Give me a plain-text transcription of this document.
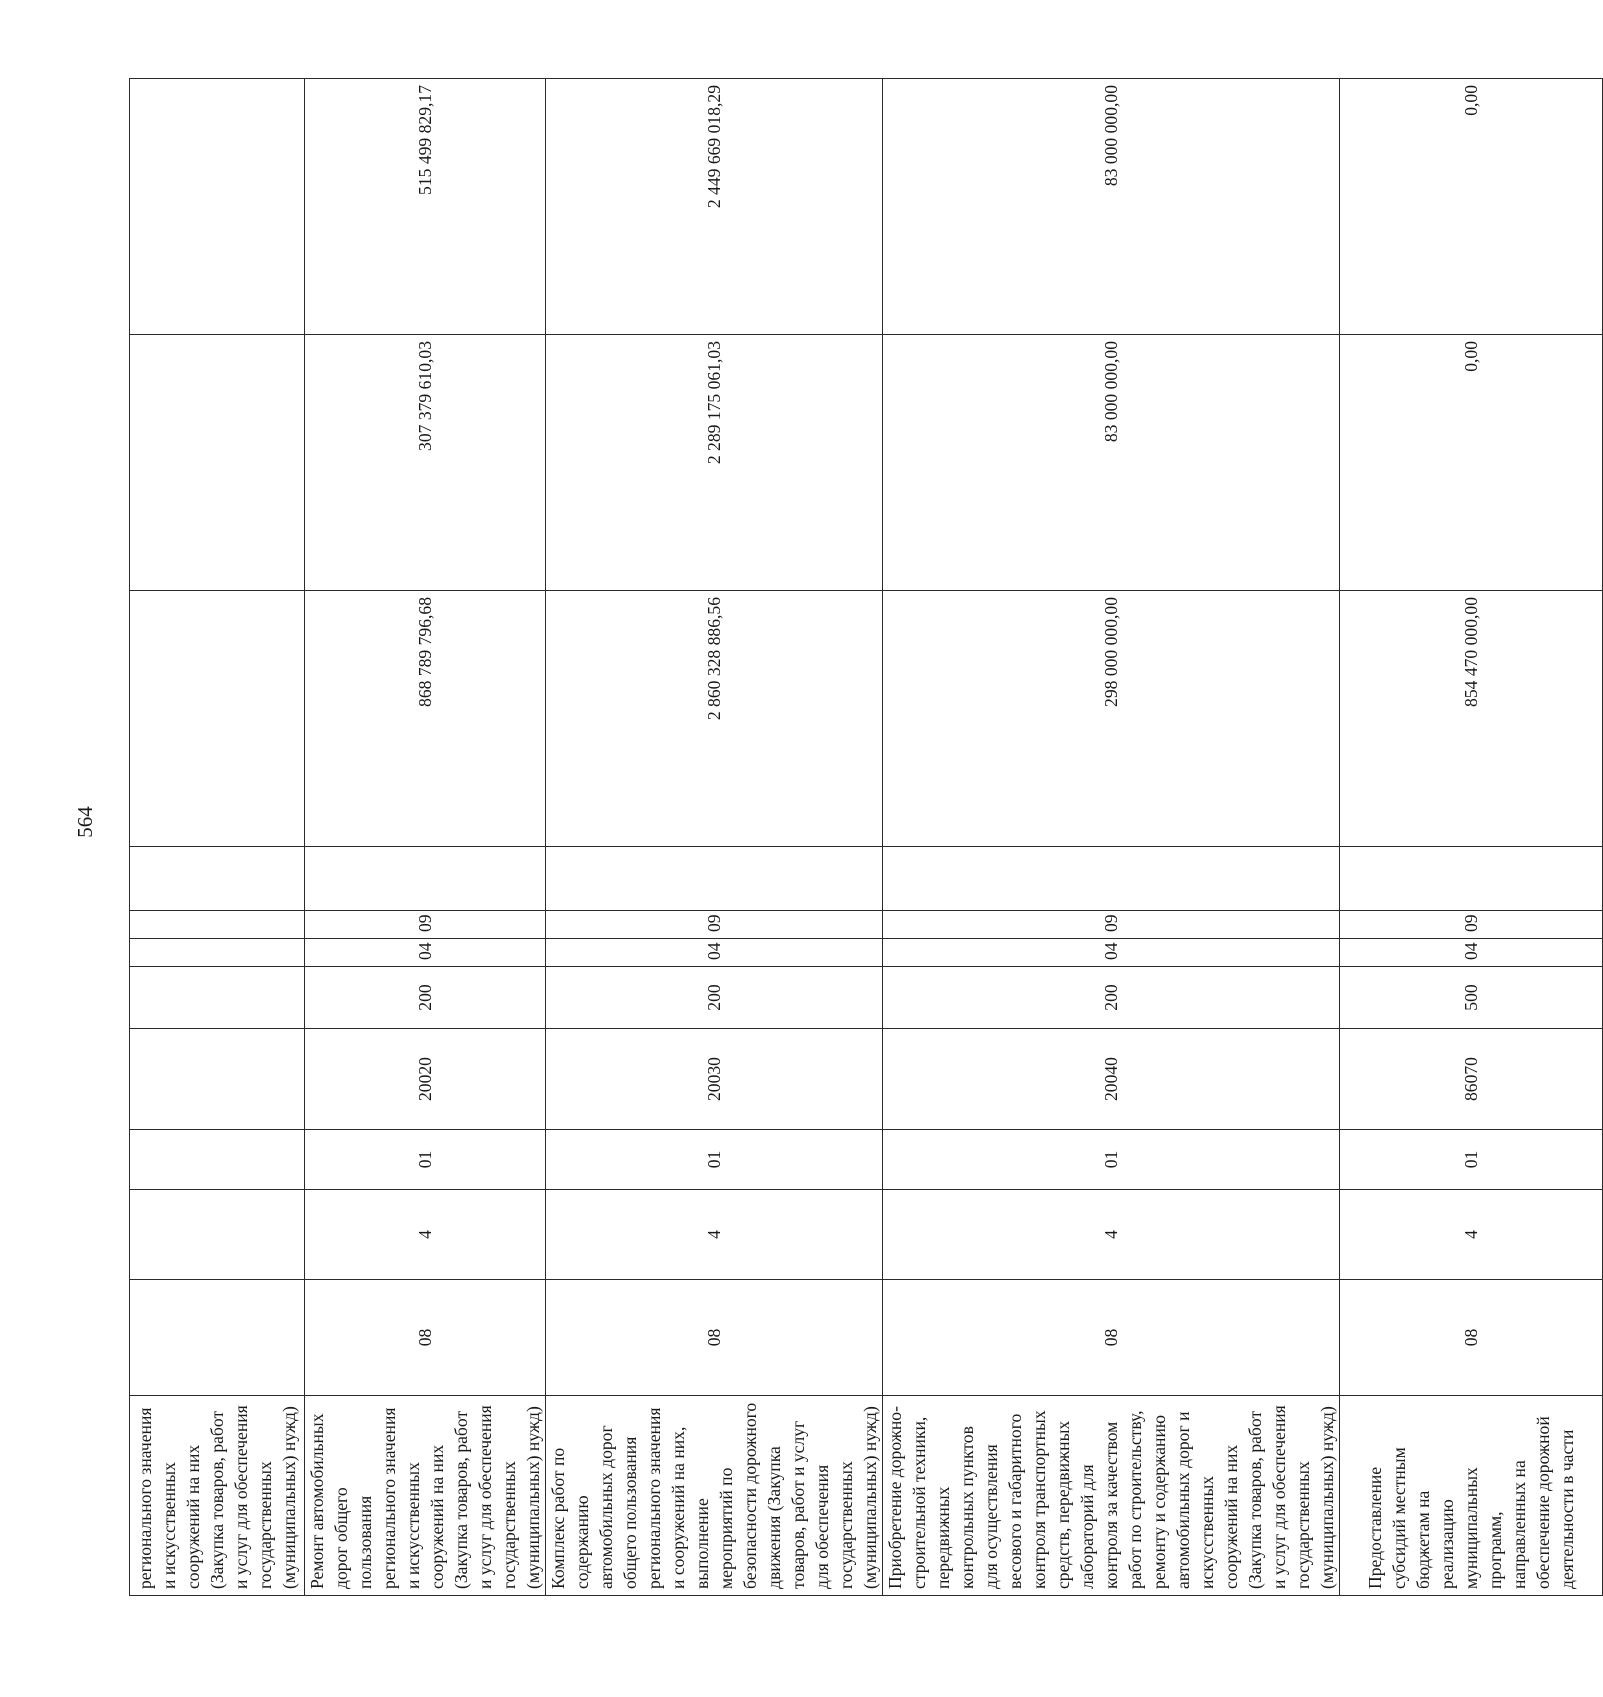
564
регионального значения и искусственных сооружений на них (Закупка товаров, работ и услуг для обеспечения государственных (муниципальных) нужд)											
Ремонт автомобильных дорог общего пользования регионального значения и искусственных сооружений на них (Закупка товаров, работ и услуг для обеспечения государственных (муниципальных) нужд)	08	4	01	20020	200	04	09		868 789 796,68	307 379 610,03	515 499 829,17
Комплекс работ по содержанию автомобильных дорог общего пользования регионального значения и сооружений на них, выполнение мероприятий по безопасности дорожного движения (Закупка товаров, работ и услуг для обеспечения государственных (муниципальных) нужд)	08	4	01	20030	200	04	09		2 860 328 886,56	2 289 175 061,03	2 449 669 018,29
Приобретение дорожно-строительной техники, передвижных контрольных пунктов для осуществления весового и габаритного контроля транспортных средств, передвижных лабораторий для контроля за качеством работ по строительству, ремонту и содержанию автомобильных дорог и искусственных сооружений на них (Закупка товаров, работ и услуг для обеспечения государственных (муниципальных) нужд)	08	4	01	20040	200	04	09		298 000 000,00	83 000 000,00	83 000 000,00
Предоставление субсидий местным бюджетам на реализацию муниципальных программ, направленных на обеспечение дорожной деятельности в части	08	4	01	86070	500	04	09		854 470 000,00	0,00	0,00
